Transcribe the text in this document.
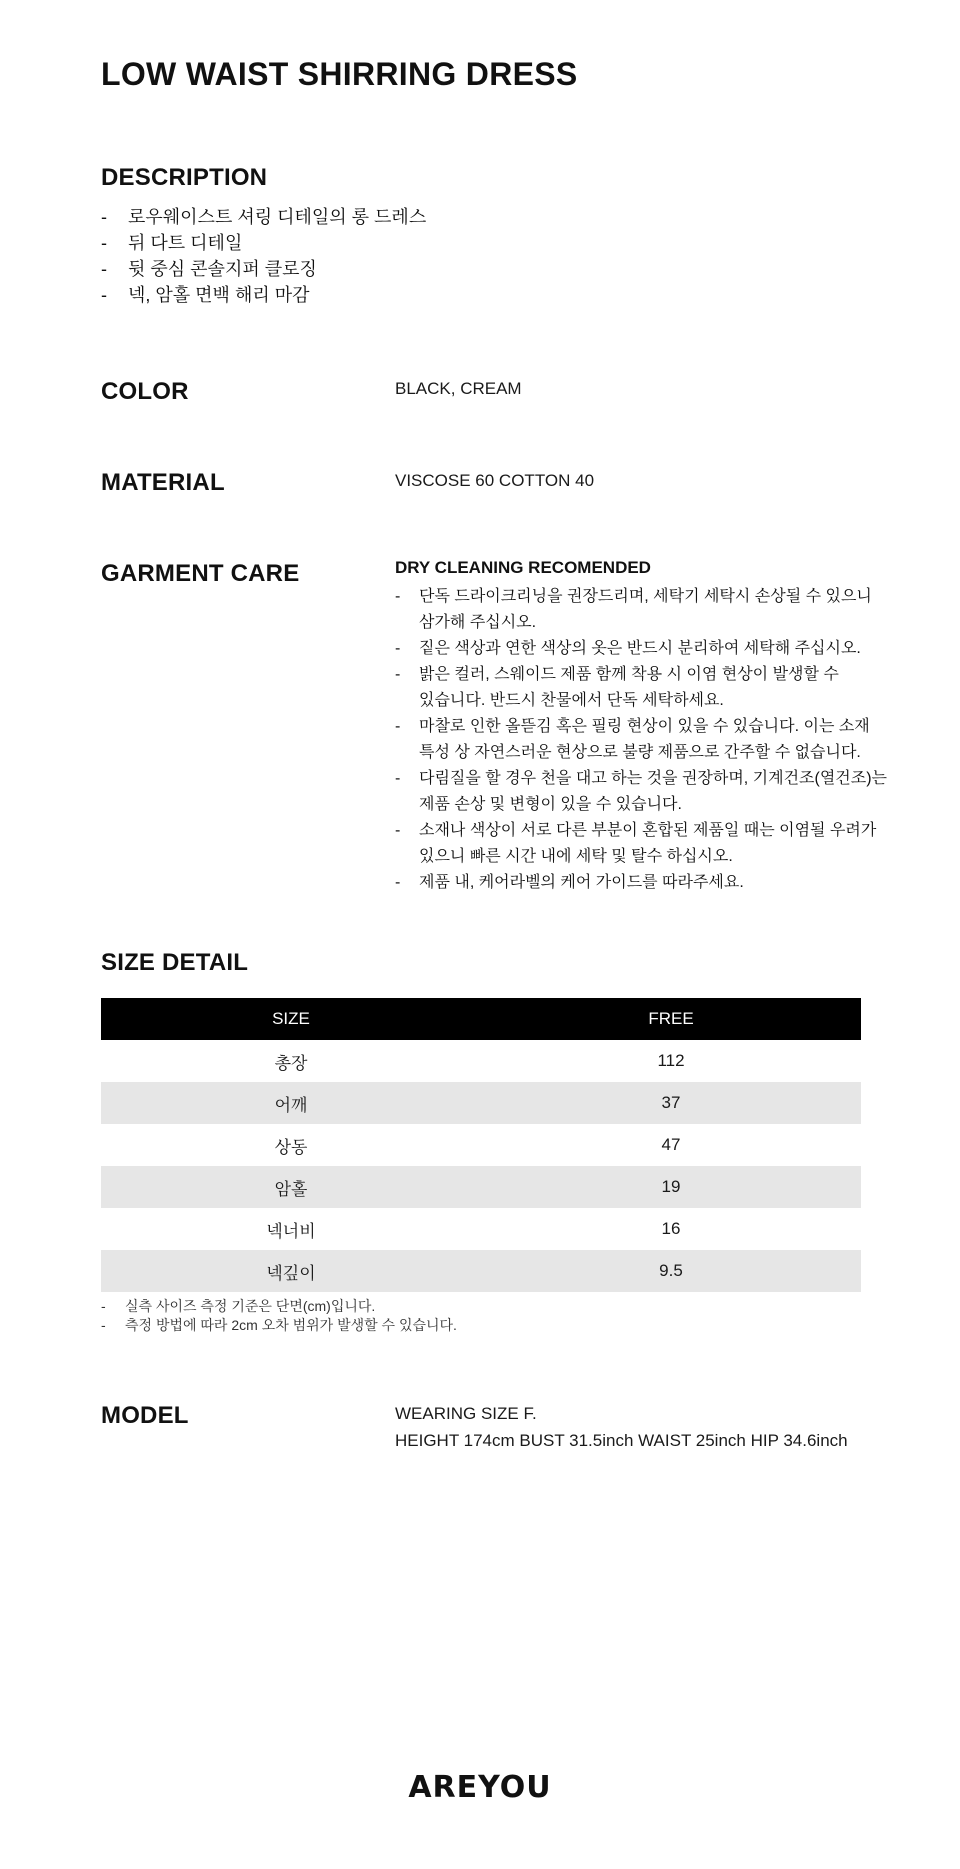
LOW WAIST SHIRRING DRESS
DESCRIPTION
- 로우웨이스트 셔링 디테일의 롱 드레스
- 뒤 다트 디테일
- 뒷 중심 콘솔지퍼 클로징
- 넥, 암홀 면백 해리 마감
COLOR	BLACK, CREAM
MATERIAL	VISCOSE 60 COTTON 40
GARMENT CARE	DRY CLEANING RECOMENDED
- 단독 드라이크리닝을 권장드리며, 세탁기 세탁시 손상될 수 있으니
삼가해 주십시오.
- 짙은 색상과 연한 색상의 옷은 반드시 분리하여 세탁해 주십시오.
- 밝은 컬러, 스웨이드 제품 함께 착용 시 이염 현상이 발생할 수
있습니다. 반드시 찬물에서 단독 세탁하세요.
- 마찰로 인한 올뜯김 혹은 필링 현상이 있을 수 있습니다. 이는 소재
특성 상 자연스러운 현상으로 불량 제품으로 간주할 수 없습니다.
- 다림질을 할 경우 천을 대고 하는 것을 권장하며, 기계건조(열건조)는
제품 손상 및 변형이 있을 수 있습니다.
- 소재나 색상이 서로 다른 부분이 혼합된 제품일 때는 이염될 우려가
있으니 빠른 시간 내에 세탁 및 탈수 하십시오.
- 제품 내, 케어라벨의 케어 가이드를 따라주세요.
SIZE DETAIL
SIZE	FREE
총장	112
어깨	37
상동	47
암홀	19
넥너비	16
넥깊이	9.5
- 실측 사이즈 측정 기준은 단면(cm)입니다.
- 측정 방법에 따라 2cm 오차 범위가 발생할 수 있습니다.
MODEL	WEARING SIZE F.
HEIGHT 174cm BUST 31.5inch WAIST 25inch HIP 34.6inch
AREYOU
